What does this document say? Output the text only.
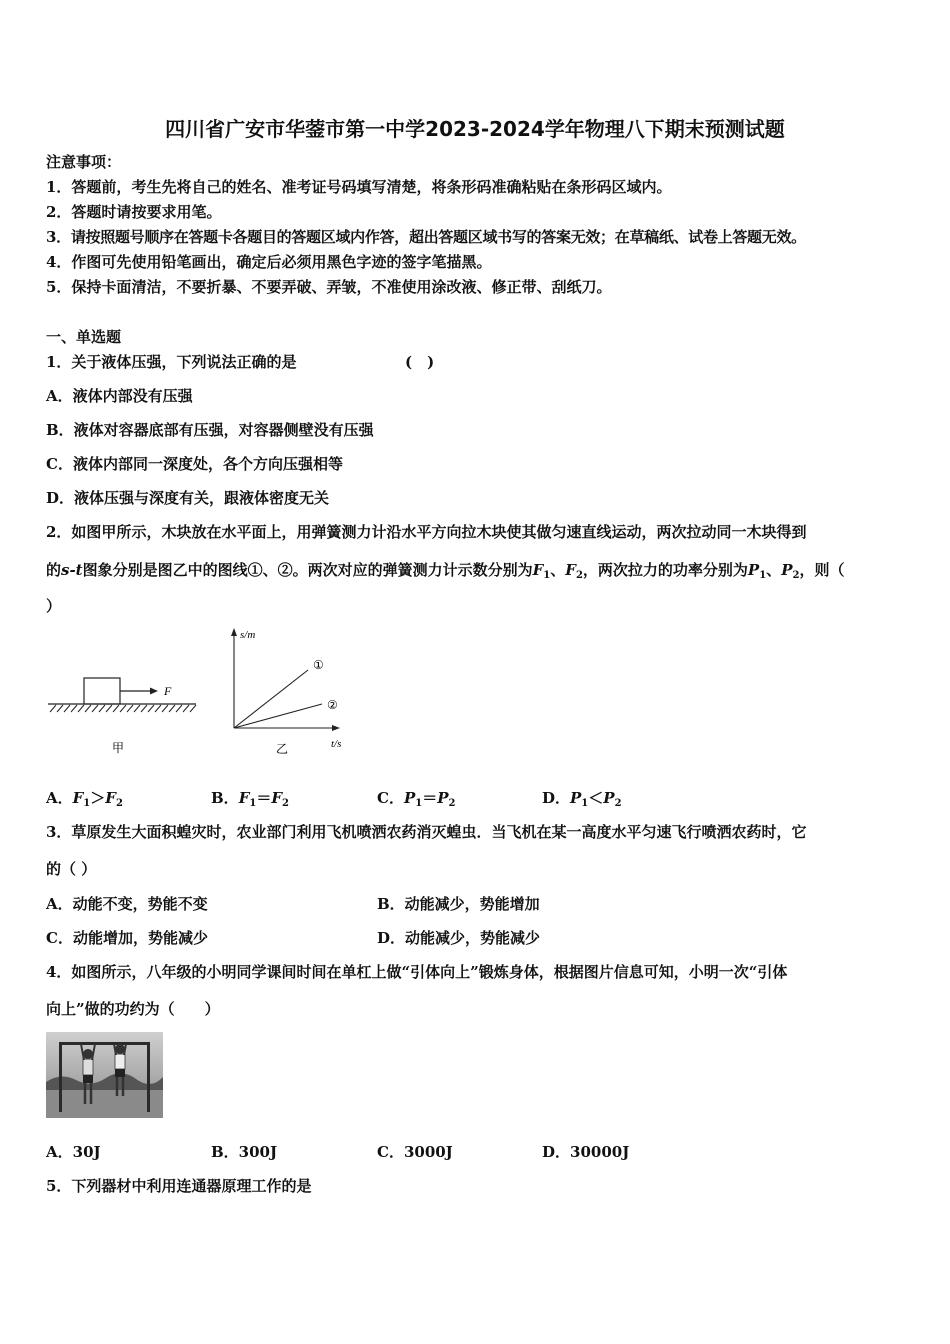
四川省广安市华蓥市第一中学2023-2024学年物理八下期末预测试题
注意事项：
1．答题前，考生先将自己的姓名、准考证号码填写清楚，将条形码准确粘贴在条形码区域内。
2．答题时请按要求用笔。
3．请按照题号顺序在答题卡各题目的答题区域内作答，超出答题区域书写的答案无效；在草稿纸、试卷上答题无效。
4．作图可先使用铅笔画出，确定后必须用黑色字迹的签字笔描黑。
5．保持卡面清洁，不要折暴、不要弄破、弄皱，不准使用涂改液、修正带、刮纸刀。
一、单选题
1．关于液体压强，下列说法正确的是	(　)
A．液体内部没有压强
B．液体对容器底部有压强，对容器侧壁没有压强
C．液体内部同一深度处，各个方向压强相等
D．液体压强与深度有关，跟液体密度无关
2．如图甲所示，木块放在水平面上，用弹簧测力计沿水平方向拉木块使其做匀速直线运动，两次拉动同一木块得到
的s-t图象分别是图乙中的图线①、②。两次对应的弹簧测力计示数分别为$F_1$、$F_2$，两次拉力的功率分别为$P_1$、$P_2$，则（
）
F
甲
s/m
t/s
①
②
乙
A．$F_1>F_2$	B．$F_1=F_2$	C．$P_1=P_2$	D．$P_1<P_2$
3．草原发生大面积蝗灾时，农业部门利用飞机喷洒农药消灭蝗虫．当飞机在某一高度水平匀速飞行喷洒农药时，它
的（ ）
A．动能不变，势能不变	B．动能减少，势能增加
C．动能增加，势能减少	D．动能减少，势能减少
4．如图所示，八年级的小明同学课间时间在单杠上做“引体向上”锻炼身体，根据图片信息可知，小明一次“引体
向上”做的功约为（　　）
A．30J	B．300J	C．3000J	D．30000J
5．下列器材中利用连通器原理工作的是
